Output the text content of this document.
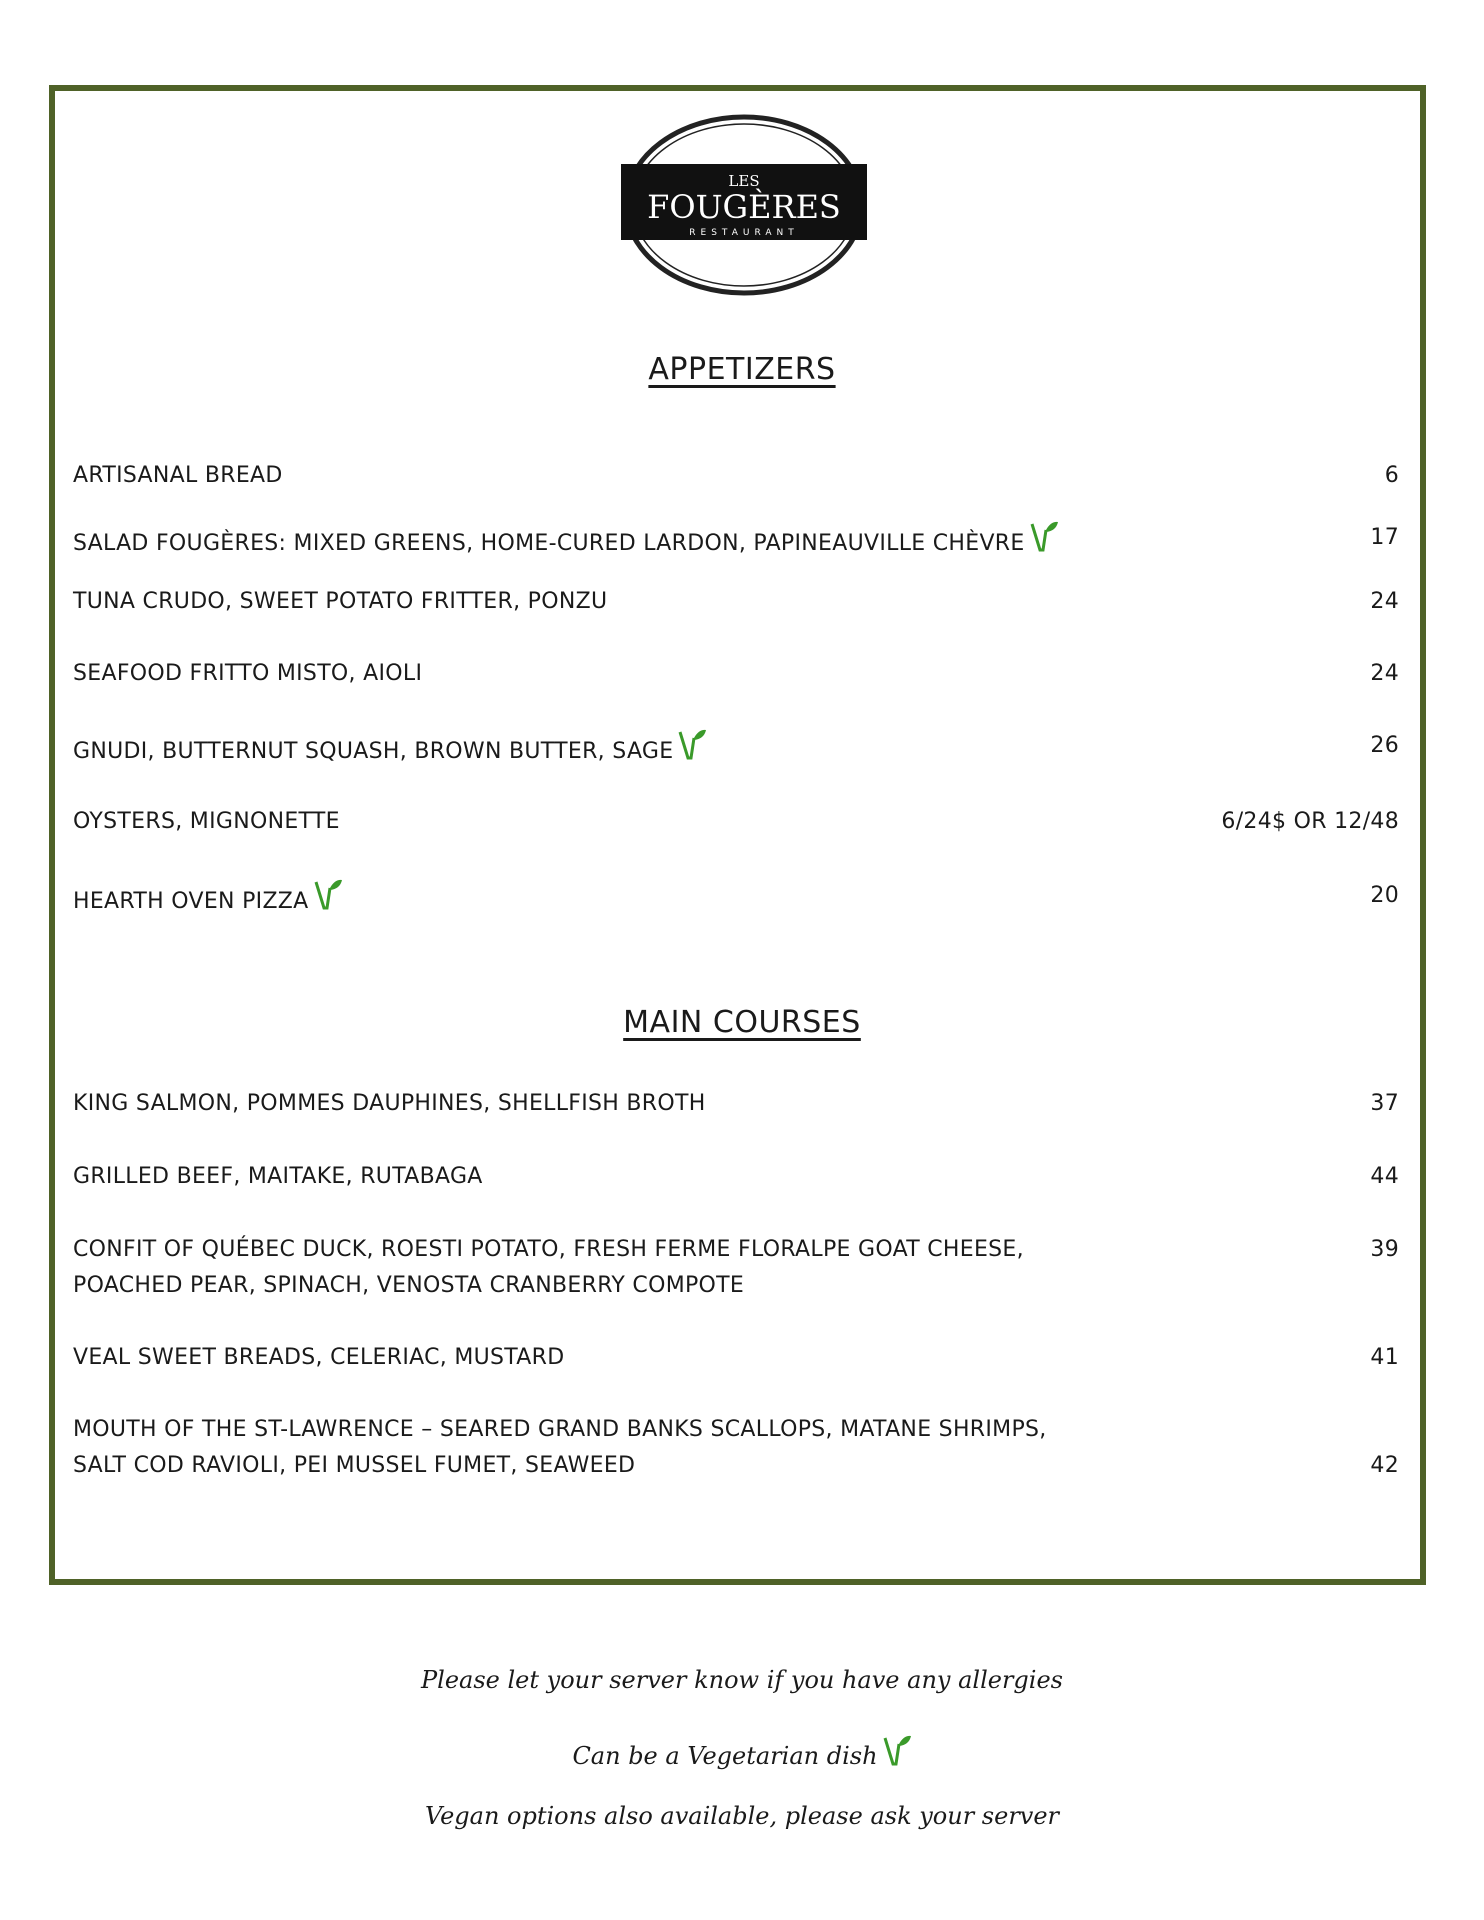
LES
FOUGÈRES
RESTAURANT
APPETIZERS
ARTISANAL BREAD	6
SALAD FOUGÈRES: MIXED GREENS, HOME-CURED LARDON, PAPINEAUVILLE CHÈVRE	17
TUNA CRUDO, SWEET POTATO FRITTER, PONZU	24
SEAFOOD FRITTO MISTO, AIOLI	24
GNUDI, BUTTERNUT SQUASH, BROWN BUTTER, SAGE	26
OYSTERS, MIGNONETTE	6/24$ OR 12/48
HEARTH OVEN PIZZA	20
MAIN COURSES
KING SALMON, POMMES DAUPHINES, SHELLFISH BROTH	37
GRILLED BEEF, MAITAKE, RUTABAGA	44
CONFIT OF QUÉBEC DUCK, ROESTI POTATO, FRESH FERME FLORALPE GOAT CHEESE,
POACHED PEAR, SPINACH, VENOSTA CRANBERRY COMPOTE
39
VEAL SWEET BREADS, CELERIAC, MUSTARD	41
MOUTH OF THE ST-LAWRENCE – SEARED GRAND BANKS SCALLOPS, MATANE SHRIMPS,
SALT COD RAVIOLI, PEI MUSSEL FUMET, SEAWEED	42
Please let your server know if you have any allergies
Can be a Vegetarian dish
Vegan options also available, please ask your server
